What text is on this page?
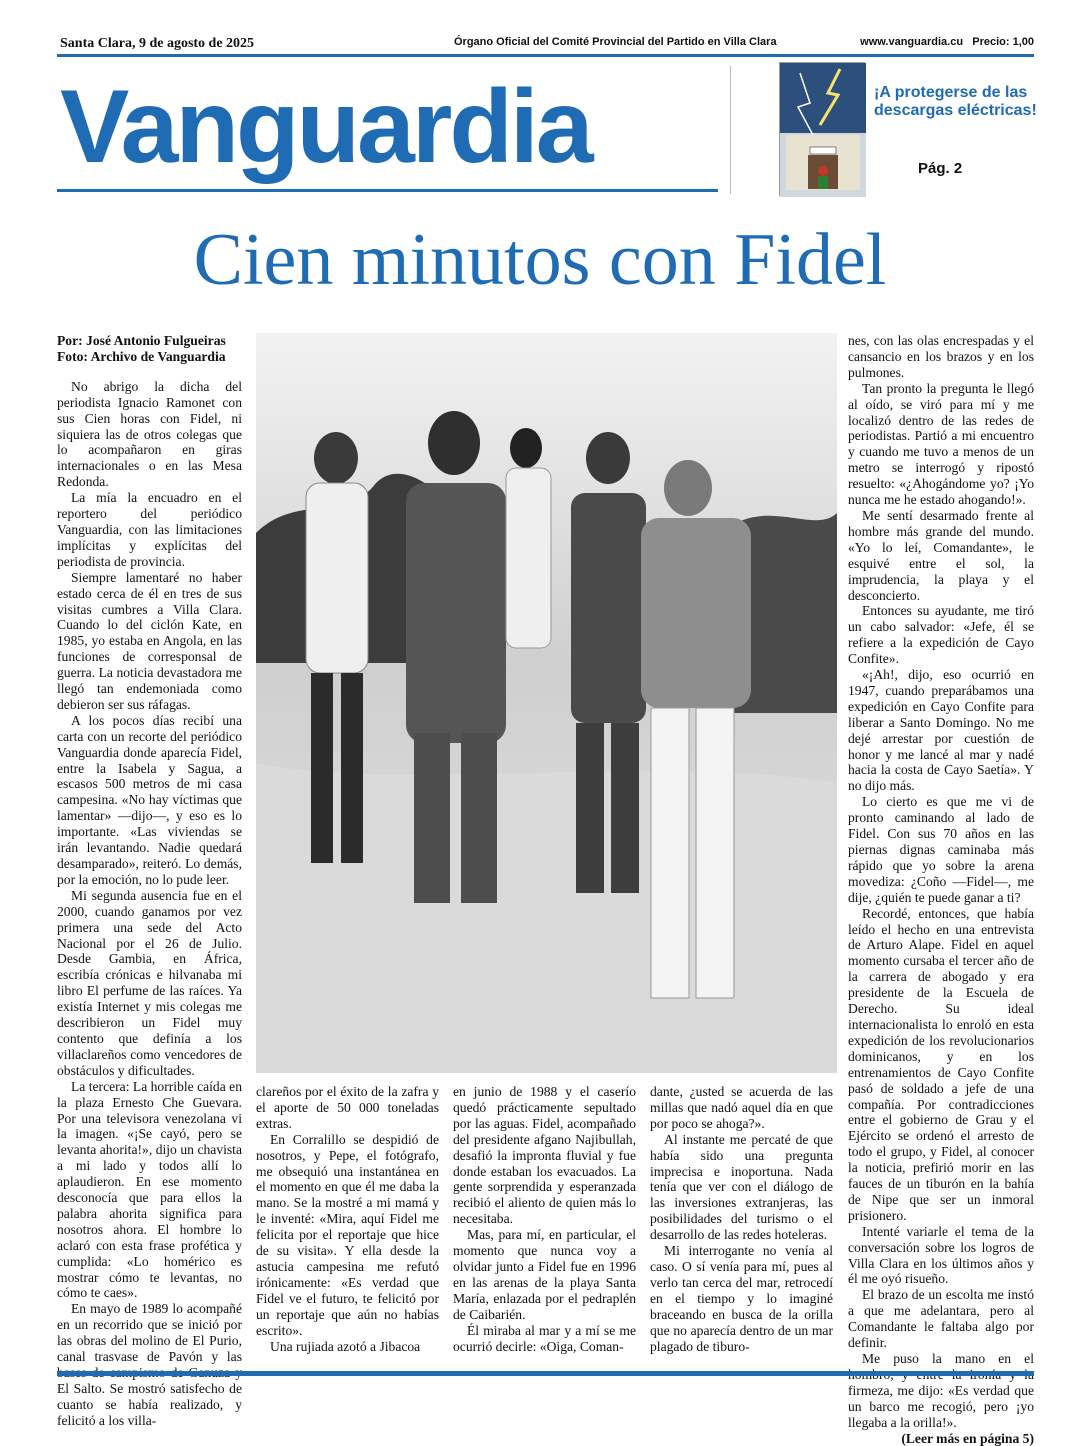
Santa Clara, 9 de agosto de 2025	Órgano Oficial del Comité Provincial del Partido en Villa Clara	www.vanguardia.cu Precio: 1,00
Vanguardia	¡A protegerse de las descargas eléctricas!
Pág. 2
Cien minutos con Fidel

Por: José Antonio Fulgueiras

Foto: Archivo de Vanguardia

No abrigo la dicha del periodista Ignacio Ramonet con sus Cien horas con Fidel, ni siquiera las de otros colegas que lo acompañaron en giras internacionales o en las Mesa Redonda.

La mía la encuadro en el reportero del periódico Vanguardia, con las limitaciones implícitas y explícitas del periodista de provincia.

Siempre lamentaré no haber estado cerca de él en tres de sus visitas cumbres a Villa Clara. Cuando lo del ciclón Kate, en 1985, yo estaba en Angola, en las funciones de corresponsal de guerra. La noticia devastadora me llegó tan endemoniada como debieron ser sus ráfagas.

A los pocos días recibí una carta con un recorte del periódico Vanguardia donde aparecía Fidel, entre la Isabela y Sagua, a escasos 500 metros de mi casa campesina. «No hay víctimas que lamentar» —dijo—, y eso es lo importante. «Las viviendas se irán levantando. Nadie quedará desamparado», reiteró. Lo demás, por la emoción, no lo pude leer.

Mi segunda ausencia fue en el 2000, cuando ganamos por vez primera una sede del Acto Nacional por el 26 de Julio. Desde Gambia, en África, escribía crónicas e hilvanaba mi libro El perfume de las raíces. Ya existía Internet y mis colegas me describieron un Fidel muy contento que definía a los villaclareños como vencedores de obstáculos y dificultades.

La tercera: La horrible caída en la plaza Ernesto Che Guevara. Por una televisora venezolana vi la imagen. «¡Se cayó, pero se levanta ahorita!», dijo un chavista a mi lado y todos allí lo aplaudieron. En ese momento desconocía que para ellos la palabra ahorita significa para nosotros ahora. El hombre lo aclaró con esta frase profética y cumplida: «Lo homérico es mostrar cómo te levantas, no cómo te caes».

En mayo de 1989 lo acompañé en un recorrido que se inició por las obras del molino de El Purio, canal trasvase de Pavón y las El Salto. Se mostró satisfecho de cuanto se había realizado, y felicitó a los villa-

clareños por el éxito de la zafra y el aporte de 50 000 toneladas extras.

En Corralillo se despidió de nosotros, y Pepe, el fotógrafo, me obsequió una instantánea en el momento en que él me daba la mano. Se la mostré a mi mamá y le inventé: «Mira, aquí Fidel me felicita por el reportaje que hice de su visita». Y ella desde la astucia campesina me refutó irónicamente: «Es verdad que Fidel ve el futuro, te felicitó por un reportaje que aún no habías escrito».

Una rujiada azotó a Jibacoa

en junio de 1988 y el caserío quedó prácticamente sepultado por las aguas. Fidel, acompañado del presidente afgano Najibullah, desafió la impronta fluvial y fue donde estaban los evacuados. La gente sorprendida y esperanzada recibió el aliento de quien más lo necesitaba.

Mas, para mí, en particular, el momento que nunca voy a olvidar junto a Fidel fue en 1996 en las arenas de la playa Santa María, enlazada por el pedraplén de Caibarién.

Él miraba al mar y a mí se me ocurrió decirle: «Oiga, Coman-

dante, ¿usted se acuerda de las millas que nadó aquel día en que por poco se ahoga?».

Al instante me percaté de que había sido una pregunta imprecisa e inoportuna. Nada tenía que ver con el diálogo de las inversiones extranjeras, las posibilidades del turismo o el desarrollo de las redes hoteleras.

Mi interrogante no venía al caso. O sí venía para mí, pues al verlo tan cerca del mar, retrocedí en el tiempo y lo imaginé braceando en busca de la orilla que no aparecía dentro de un mar plagado de tiburo-

nes, con las olas encrespadas y el cansancio en los brazos y en los pulmones.

Tan pronto la pregunta le llegó al oído, se viró para mí y me localizó dentro de las redes de periodistas. Partió a mi encuentro y cuando me tuvo a menos de un metro se interrogó y ripostó resuelto: «¿Ahogándome yo? ¡Yo nunca me he estado ahogando!».

Me sentí desarmado frente al hombre más grande del mundo. «Yo lo leí, Comandante», le esquivé entre el sol, la imprudencia, la playa y el desconcierto.

Entonces su ayudante, me tiró un cabo salvador: «Jefe, él se refiere a la expedición de Cayo Confite».

«¡Ah!, dijo, eso ocurrió en 1947, cuando preparábamos una expedición en Cayo Confite para liberar a Santo Domingo. No me dejé arrestar por cuestión de honor y me lancé al mar y nadé hacia la costa de Cayo Saetía». Y no dijo más.

Lo cierto es que me vi de pronto caminando al lado de Fidel. Con sus 70 años en las piernas dignas caminaba más rápido que yo sobre la arena movediza: ¿Coño —Fidel—, me dije, ¿quién te puede ganar a ti?

Recordé, entonces, que había leído el hecho en una entrevista de Arturo Alape. Fidel en aquel momento cursaba el tercer año de la carrera de abogado y era presidente de la Escuela de Derecho. Su ideal internacionalista lo enroló en esta expedición de los revolucionarios dominicanos, y en los entrenamientos de Cayo Confite pasó de soldado a jefe de una compañía. Por contradicciones entre el gobierno de Grau y el Ejército se ordenó el arresto de todo el grupo, y Fidel, al conocer la noticia, prefirió morir en las fauces de un tiburón en la bahía de Nipe que ser un inmoral prisionero.

Intenté variarle el tema de la conversación sobre los logros de Villa Clara en los últimos años y él me oyó risueño.

El brazo de un escolta me instó a que me adelantara, pero al Comandante le faltaba algo por definir.

Me puso la mano en el firmeza, me dijo: «Es verdad que un barco me recogió, pero ¡yo llegaba a la orilla!».

(Leer más en página 5)
